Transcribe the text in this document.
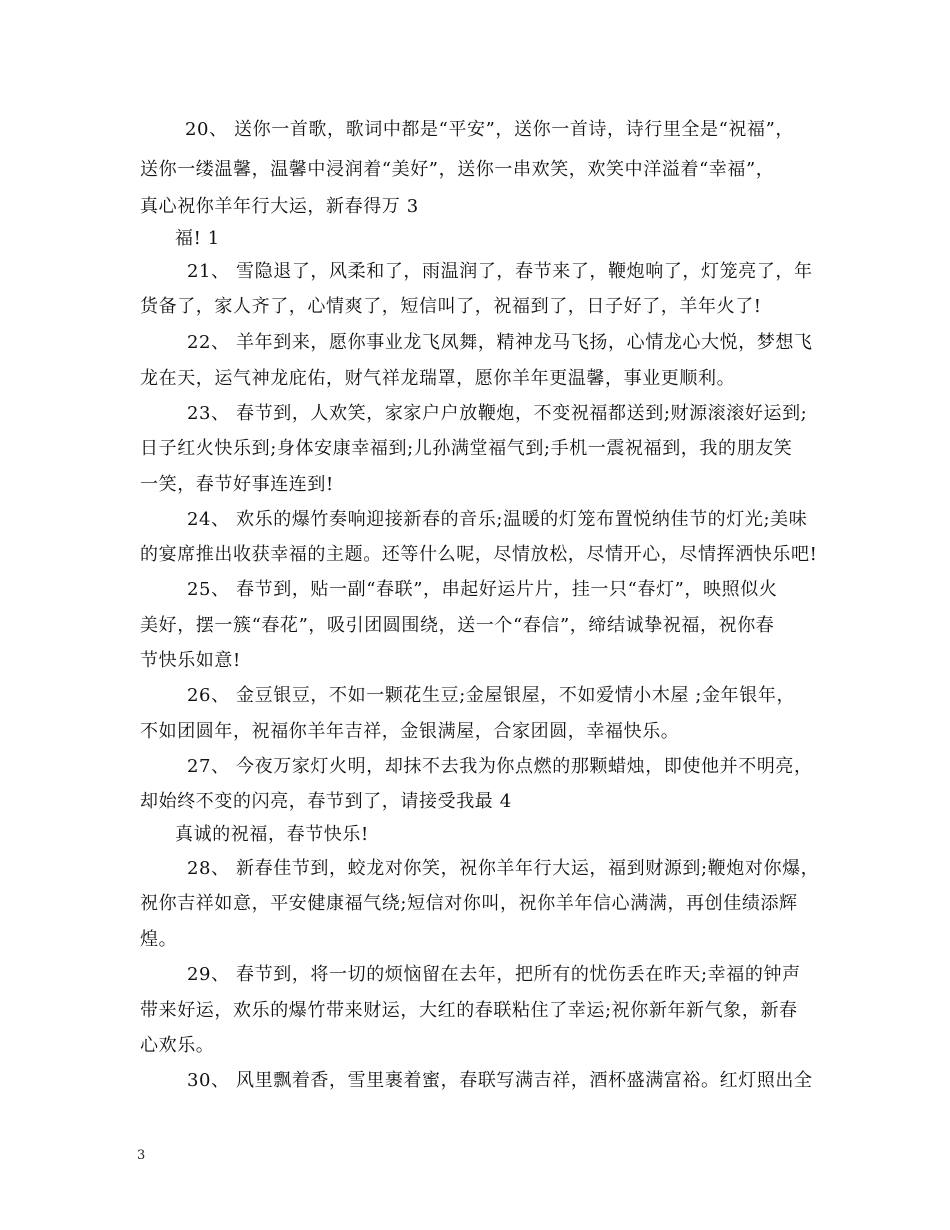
20、 送你一首歌，歌词中都是“平安”，送你一首诗，诗行里全是“祝福”，
送你一缕温馨，温馨中浸润着“美好”，送你一串欢笑，欢笑中洋溢着“幸福”，
真心祝你羊年行大运，新春得万 3
福! 1
21、 雪隐退了，风柔和了，雨温润了，春节来了，鞭炮响了，灯笼亮了，年
货备了，家人齐了，心情爽了，短信叫了，祝福到了，日子好了，羊年火了!
22、 羊年到来，愿你事业龙飞凤舞，精神龙马飞扬，心情龙心大悦，梦想飞
龙在天，运气神龙庇佑，财气祥龙瑞罩，愿你羊年更温馨，事业更顺利。
23、 春节到，人欢笑，家家户户放鞭炮，不变祝福都送到;财源滚滚好运到;
日子红火快乐到;身体安康幸福到;儿孙满堂福气到;手机一震祝福到，我的朋友笑
一笑，春节好事连连到!
24、 欢乐的爆竹奏响迎接新春的音乐;温暖的灯笼布置悦纳佳节的灯光;美味
的宴席推出收获幸福的主题。还等什么呢，尽情放松，尽情开心，尽情挥洒快乐吧!
25、 春节到，贴一副“春联”，串起好运片片，挂一只“春灯”，映照似火
美好，摆一簇“春花”，吸引团圆围绕，送一个“春信”，缔结诚挚祝福，祝你春
节快乐如意!
26、 金豆银豆，不如一颗花生豆;金屋银屋，不如爱情小木屋 ;金年银年，
不如团圆年，祝福你羊年吉祥，金银满屋，合家团圆，幸福快乐。
27、 今夜万家灯火明，却抹不去我为你点燃的那颗蜡烛，即使他并不明亮，
却始终不变的闪亮，春节到了，请接受我最 4
真诚的祝福，春节快乐!
28、 新春佳节到，蛟龙对你笑，祝你羊年行大运，福到财源到;鞭炮对你爆，
祝你吉祥如意，平安健康福气绕;短信对你叫，祝你羊年信心满满，再创佳绩添辉
煌。
29、 春节到，将一切的烦恼留在去年，把所有的忧伤丢在昨天;幸福的钟声
带来好运，欢乐的爆竹带来财运，大红的春联粘住了幸运;祝你新年新气象，新春
心欢乐。
30、 风里飘着香，雪里裹着蜜，春联写满吉祥，酒杯盛满富裕。红灯照出全
3
